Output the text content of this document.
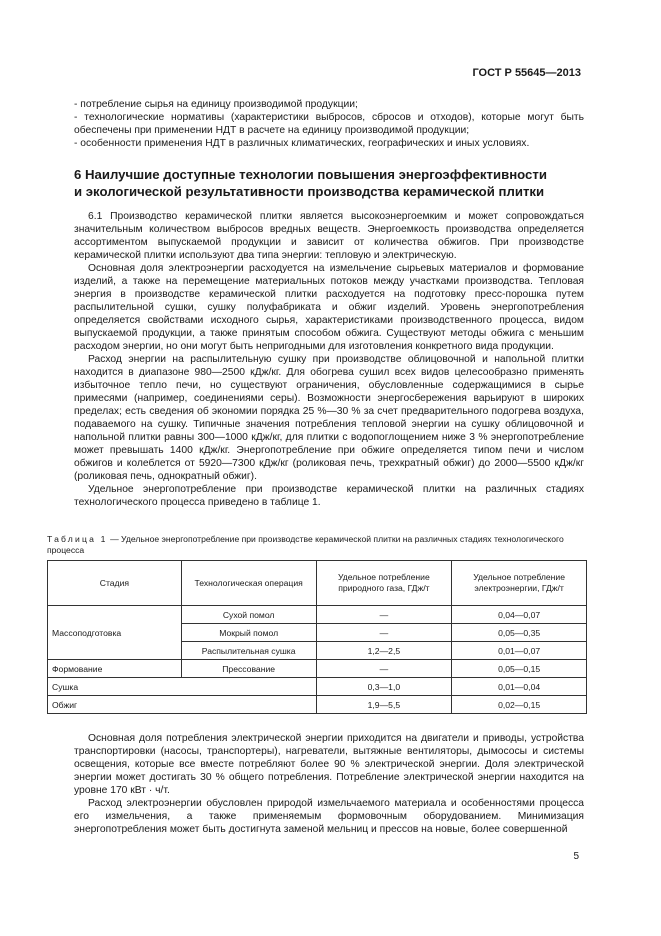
ГОСТ Р 55645—2013

- потребление сырья на единицу производимой продукции;

- технологические нормативы (характеристики выбросов, сбросов и отходов), которые могут быть обеспечены при применении НДТ в расчете на единицу производимой продукции;

- особенности применения НДТ в различных климатических, географических и иных условиях.

6 Наилучшие доступные технологии повышения энергоэффективности
и экологической результативности производства керамической плитки

6.1 Производство керамической плитки является высокоэнергоемким и может сопровождаться значительным количеством выбросов вредных веществ. Энергоемкость производства определяется ассортиментом выпускаемой продукции и зависит от количества обжигов. При производстве керамической плитки используют два типа энергии: тепловую и электрическую.

Основная доля электроэнергии расходуется на измельчение сырьевых материалов и формование изделий, а также на перемещение материальных потоков между участками производства. Тепловая энергия в производстве керамической плитки расходуется на подготовку пресс-порошка путем распылительной сушки, сушку полуфабриката и обжиг изделий. Уровень энергопотребления определяется свойствами исходного сырья, характеристиками производственного процесса, видом выпускаемой продукции, а также принятым способом обжига. Существуют методы обжига с меньшим расходом энергии, но они могут быть непригодными для изготовления конкретного вида продукции.

Расход энергии на распылительную сушку при производстве облицовочной и напольной плитки находится в диапазоне 980—2500 кДж/кг. Для обогрева сушил всех видов целесообразно применять избыточное тепло печи, но существуют ограничения, обусловленные содержащимися в сырье примесями (например, соединениями серы). Возможности энергосбережения варьируют в широких пределах; есть сведения об экономии порядка 25 %—30 % за счет предварительного подогрева воздуха, подаваемого на сушку. Типичные значения потребления тепловой энергии на сушку облицовочной и напольной плитки равны 300—1000 кДж/кг, для плитки с водопоглощением ниже 3 % энергопотребление может превышать 1400 кДж/кг. Энергопотребление при обжиге определяется типом печи и числом обжигов и колеблется от 5920—7300 кДж/кг (роликовая печь, трехкратный обжиг) до 2000—5500 кДж/кг (роликовая печь, однократный обжиг).

Удельное энергопотребление при производстве керамической плитки на различных стадиях технологического процесса приведено в таблице 1.

Таблица 1 — Удельное энергопотребление при производстве керамической плитки на различных стадиях технологического процесса
Стадия	Технологическая операция	Удельное потребление природного газа, ГДж/т	Удельное потребление электроэнергии, ГДж/т
Массоподготовка	Сухой помол	—	0,04—0,07
	Мокрый помол	—	0,05—0,35
	Распылительная сушка	1,2—2,5	0,01—0,07
Формование	Прессование	—	0,05—0,15
Сушка		0,3—1,0	0,01—0,04
Обжиг		1,9—5,5	0,02—0,15

Основная доля потребления электрической энергии приходится на двигатели и приводы, устройства транспортировки (насосы, транспортеры), нагреватели, вытяжные вентиляторы, дымососы и системы освещения, которые все вместе потребляют более 90 % электрической энергии. Доля электрической энергии может достигать 30 % общего потребления. Потребление электрической энергии находится на уровне 170 кВт · ч/т.

Расход электроэнергии обусловлен природой измельчаемого материала и особенностями процесса его измельчения, а также применяемым формовочным оборудованием. Минимизация энергопотребления может быть достигнута заменой мельниц и прессов на новые, более совершенной

5
